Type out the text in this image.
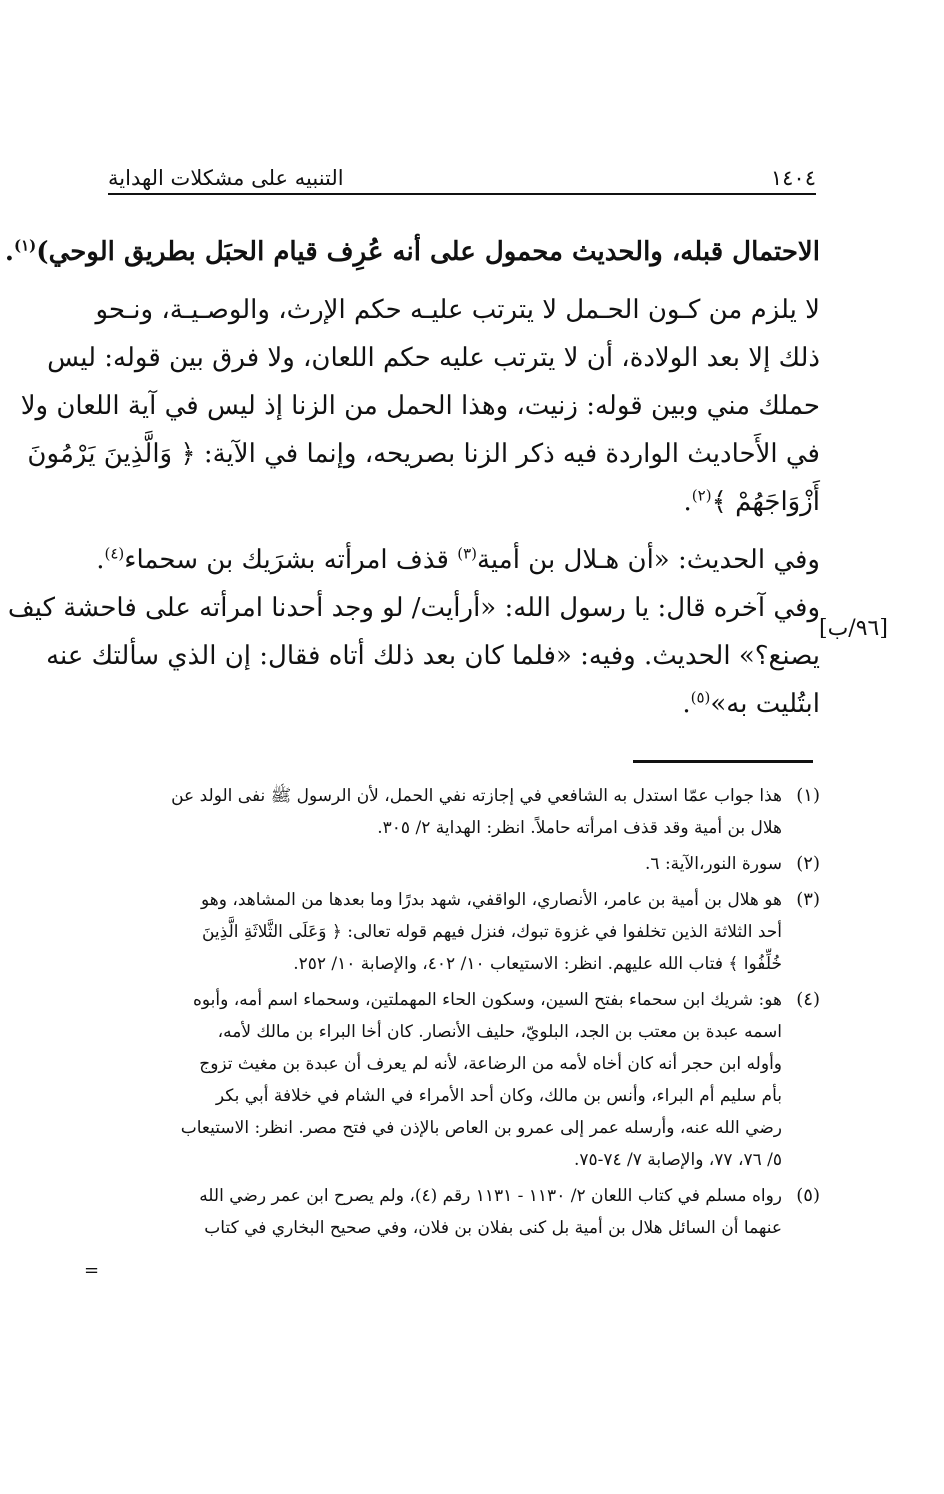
١٤٠٤
التنبيه على مشكلات الهداية
الاحتمال قبله، والحديث محمول على أنه عُرِف قيام الحبَل بطريق الوحي)$^{(١)}$.
لا يلزم من كـون الحـمل لا يترتب عليـه حكم الإرث، والوصـيـة، ونـحو
ذلك إلا بعد الولادة، أن لا يترتب عليه حكم اللعان، ولا فرق بين قوله: ليس
حملك مني وبين قوله: زنيت، وهذا الحمل من الزنا إذ ليس في آية اللعان ولا
في الأَحاديث الواردة فيه ذكر الزنا بصريحه، وإنما في الآية: ﴿ وَالَّذِينَ يَرْمُونَ
أَزْوَاجَهُمْ ﴾$^{(٢)}$.
وفي الحديث: «أن هـلال بن أمية$^{(٣)}$ قذف امرأته بشرَيك بن سحماء$^{(٤)}$.
وفي آخره قال: يا رسول الله: «أرأيت/ لو وجد أحدنا امرأته على فاحشة كيف
يصنع؟» الحديث. وفيه: «فلما كان بعد ذلك أتاه فقال: إن الذي سألتك عنه
ابتُليت به»$^{(٥)}$.
[٩٦/ب]
(١)
هذا جواب عمّا استدل به الشافعي في إجازته نفي الحمل، لأن الرسول ﷺ نفى الولد عن
هلال بن أمية وقد قذف امرأته حاملاً. انظر: الهداية ٢/ ٣٠٥.
(٢)
سورة النور،الآية: ٦.
(٣)
هو هلال بن أمية بن عامر، الأنصاري، الواقفي، شهد بدرًا وما بعدها من المشاهد، وهو
أحد الثلاثة الذين تخلفوا في غزوة تبوك، فنزل فيهم قوله تعالى: ﴿ وَعَلَى الثَّلاثَةِ الَّذِينَ
خُلِّفُوا ﴾ فتاب الله عليهم. انظر: الاستيعاب ١٠/ ٤٠٢، والإصابة ١٠/ ٢٥٢.
(٤)
هو: شريك ابن سحماء بفتح السين، وسكون الحاء المهملتين، وسحماء اسم أمه، وأبوه
اسمه عبدة بن معتب بن الجد، البلويّ، حليف الأنصار. كان أخا البراء بن مالك لأمه،
وأوله ابن حجر أنه كان أخاه لأمه من الرضاعة، لأنه لم يعرف أن عبدة بن مغيث تزوج
بأم سليم أم البراء، وأنس بن مالك، وكان أحد الأمراء في الشام في خلافة أبي بكر
رضي الله عنه، وأرسله عمر إلى عمرو بن العاص بالإذن في فتح مصر. انظر: الاستيعاب
٥/ ٧٦، ٧٧، والإصابة ٧/ ٧٤-٧٥.
(٥)
رواه مسلم في كتاب اللعان ٢/ ١١٣٠ - ١١٣١ رقم (٤)، ولم يصرح ابن عمر رضي الله
عنهما أن السائل هلال بن أمية بل كنى بفلان بن فلان، وفي صحيح البخاري في كتاب
=
